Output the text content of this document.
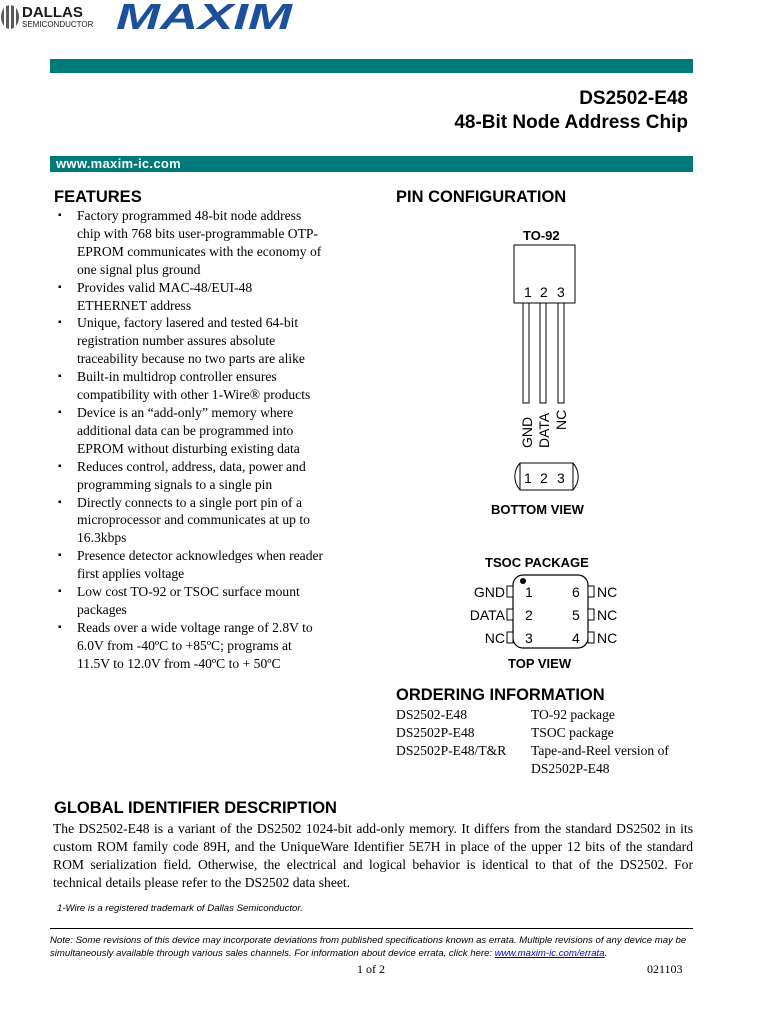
DALLAS
SEMICONDUCTOR
MAXIM
DS2502-E48
48-Bit Node Address Chip
www.maxim-ic.com
FEATURES
▪ Factory programmed 48-bit node address
chip with 768 bits user-programmable OTP-
EPROM communicates with the economy of
one signal plus ground
▪ Provides valid MAC-48/EUI-48
ETHERNET address
▪ Unique, factory lasered and tested 64-bit
registration number assures absolute
traceability because no two parts are alike
▪ Built-in multidrop controller ensures
compatibility with other 1-Wire® products
▪ Device is an “add-only” memory where
additional data can be programmed into
EPROM without disturbing existing data
▪ Reduces control, address, data, power and
programming signals to a single pin
▪ Directly connects to a single port pin of a
microprocessor and communicates at up to
16.3kbps
▪ Presence detector acknowledges when reader
first applies voltage
▪ Low cost TO-92 or TSOC surface mount
packages
▪ Reads over a wide voltage range of 2.8V to
6.0V from -40ºC to +85ºC; programs at
11.5V to 12.0V from -40ºC to + 50ºC
PIN CONFIGURATION
TO-92
1 2 3
GND DATA NC
1 2 3
BOTTOM VIEW
TSOC PACKAGE
GND
DATA
NC
1
2
3
6
5
4
NC
NC
NC
TOP VIEW
ORDERING INFORMATION
DS2502-E48	TO-92 package
DS2502P-E48	TSOC package
DS2502P-E48/T&R Tape-and-Reel version of
DS2502P-E48
GLOBAL IDENTIFIER DESCRIPTION
The DS2502-E48 is a variant of the DS2502 1024-bit add-only memory. It differs from the standard DS2502 in its custom ROM family code 89H, and the UniqueWare Identifier 5E7H in place of the upper 12 bits of the standard ROM serialization field. Otherwise, the electrical and logical behavior is identical to that of the DS2502. For technical details please refer to the DS2502 data sheet.
1-Wire is a registered trademark of Dallas Semiconductor.
Note: Some revisions of this device may incorporate deviations from published specifications known as errata. Multiple revisions of any device may be simultaneously available through various sales channels. For information about device errata, click here: www.maxim-ic.com/errata.
1 of 2	021103
